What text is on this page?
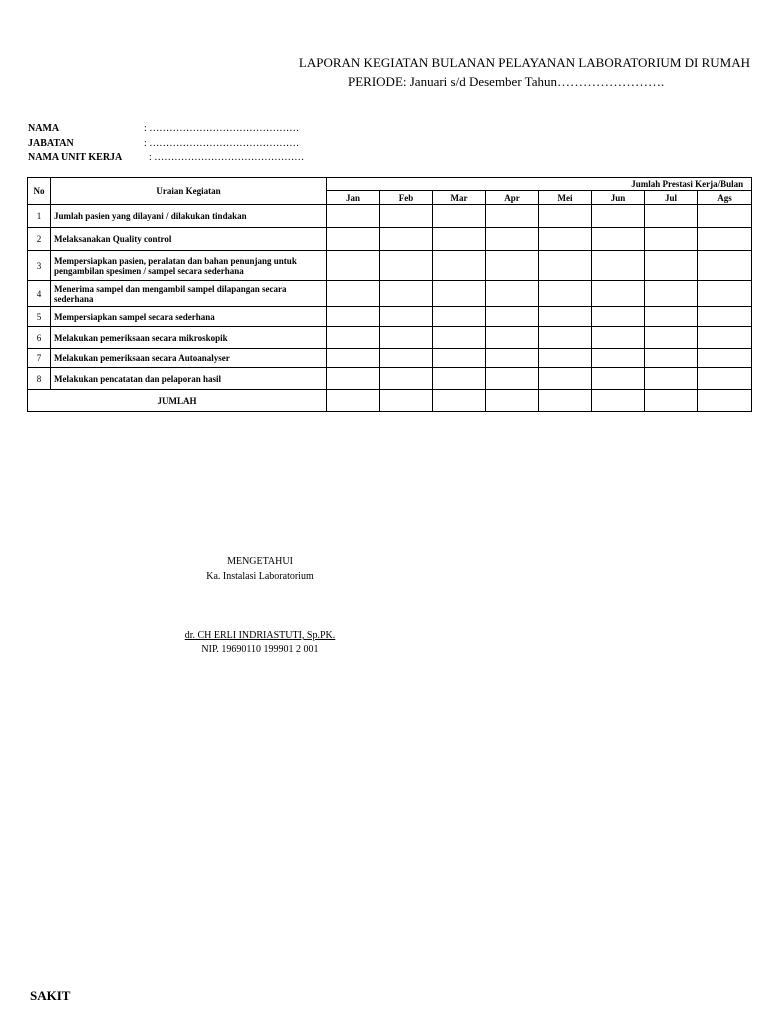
LAPORAN KEGIATAN BULANAN PELAYANAN LABORATORIUM DI RUMAH
PERIODE: Januari s/d Desember Tahun…………………….
NAMA	: ………………………………………
JABATAN	: ………………………………………
NAMA UNIT KERJA	: ………………………………………
No	Uraian Kegiatan	Jumlah Prestasi Kerja/Bulan							
		Jan	Feb	Mar	Apr	Mei	Jun	Jul	Ags
1	Jumlah pasien yang dilayani / dilakukan tindakan								
2	Melaksanakan Quality control								
3	Mempersiapkan pasien, peralatan dan bahan penunjang untuk pengambilan spesimen / sampel secara sederhana								
4	Menerima sampel dan mengambil sampel dilapangan secara sederhana								
5	Mempersiapkan sampel secara sederhana								
6	Melakukan pemeriksaan secara mikroskopik								
7	Melakukan pemeriksaan secara Autoanalyser								
8	Melakukan pencatatan dan pelaporan hasil								
JUMLAH									
MENGETAHUI
Ka. Instalasi Laboratorium
dr. CH ERLI INDRIASTUTI, Sp.PK.
NIP. 19690110 199901 2 001
SAKIT
